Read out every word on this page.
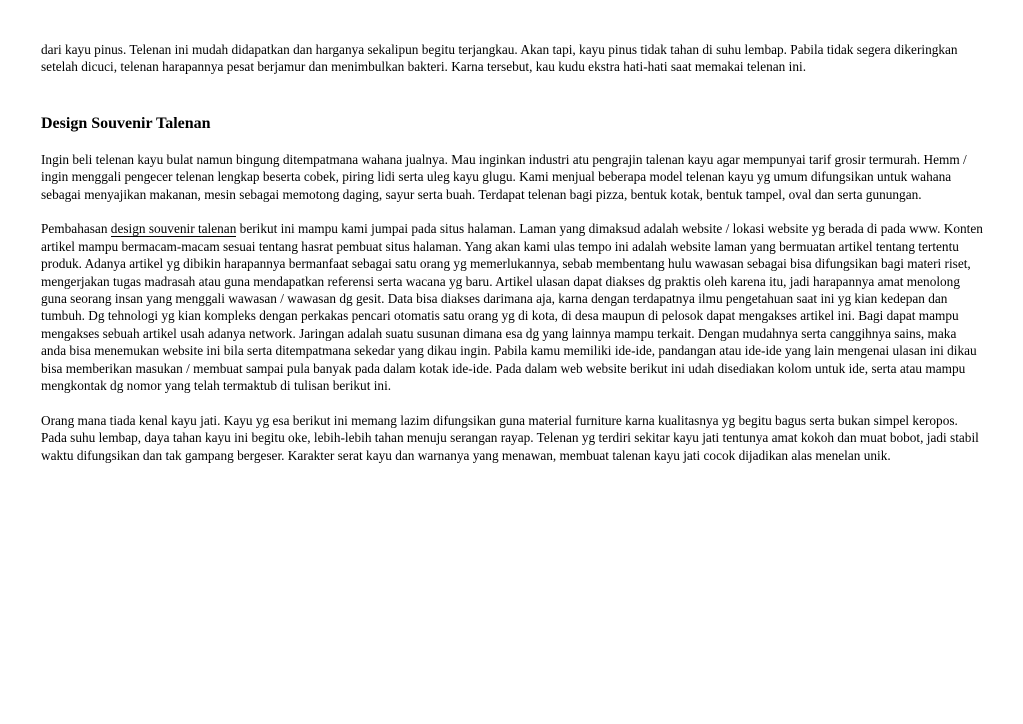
dari kayu pinus. Telenan ini mudah didapatkan dan harganya sekalipun begitu terjangkau. Akan tapi, kayu pinus tidak tahan di suhu lembap. Pabila tidak segera dikeringkan setelah dicuci, telenan harapannya pesat berjamur dan menimbulkan bakteri. Karna tersebut, kau kudu ekstra hati-hati saat memakai telenan ini.

Design Souvenir Talenan

Ingin beli telenan kayu bulat namun bingung ditempatmana wahana jualnya. Mau inginkan industri atu pengrajin talenan kayu agar mempunyai tarif grosir termurah. Hemm / ingin menggali pengecer telenan lengkap beserta cobek, piring lidi serta uleg kayu glugu. Kami menjual beberapa model telenan kayu yg umum difungsikan untuk wahana sebagai menyajikan makanan, mesin sebagai memotong daging, sayur serta buah. Terdapat telenan bagi pizza, bentuk kotak, bentuk tampel, oval dan serta gunungan.

Pembahasan design souvenir talenan berikut ini mampu kami jumpai pada situs halaman. Laman yang dimaksud adalah website / lokasi website yg berada di pada www. Konten artikel mampu bermacam-macam sesuai tentang hasrat pembuat situs halaman. Yang akan kami ulas tempo ini adalah website laman yang bermuatan artikel tentang tertentu produk. Adanya artikel yg dibikin harapannya bermanfaat sebagai satu orang yg memerlukannya, sebab membentang hulu wawasan sebagai bisa difungsikan bagi materi riset, mengerjakan tugas madrasah atau guna mendapatkan referensi serta wacana yg baru. Artikel ulasan dapat diakses dg praktis oleh karena itu, jadi harapannya amat menolong guna seorang insan yang menggali wawasan / wawasan dg gesit. Data bisa diakses darimana aja, karna dengan terdapatnya ilmu pengetahuan saat ini yg kian kedepan dan tumbuh. Dg tehnologi yg kian kompleks dengan perkakas pencari otomatis satu orang yg di kota, di desa maupun di pelosok dapat mengakses artikel ini. Bagi dapat mampu mengakses sebuah artikel usah adanya network. Jaringan adalah suatu susunan dimana esa dg yang lainnya mampu terkait. Dengan mudahnya serta canggihnya sains, maka anda bisa menemukan website ini bila serta ditempatmana sekedar yang dikau ingin. Pabila kamu memiliki ide-ide, pandangan atau ide-ide yang lain mengenai ulasan ini dikau bisa memberikan masukan / membuat sampai pula banyak pada dalam kotak ide-ide. Pada dalam web website berikut ini udah disediakan kolom untuk ide, serta atau mampu mengkontak dg nomor yang telah termaktub di tulisan berikut ini.

Orang mana tiada kenal kayu jati. Kayu yg esa berikut ini memang lazim difungsikan guna material furniture karna kualitasnya yg begitu bagus serta bukan simpel keropos. Pada suhu lembap, daya tahan kayu ini begitu oke, lebih-lebih tahan menuju serangan rayap. Telenan yg terdiri sekitar kayu jati tentunya amat kokoh dan muat bobot, jadi stabil waktu difungsikan dan tak gampang bergeser. Karakter serat kayu dan warnanya yang menawan, membuat talenan kayu jati cocok dijadikan alas menelan unik.
